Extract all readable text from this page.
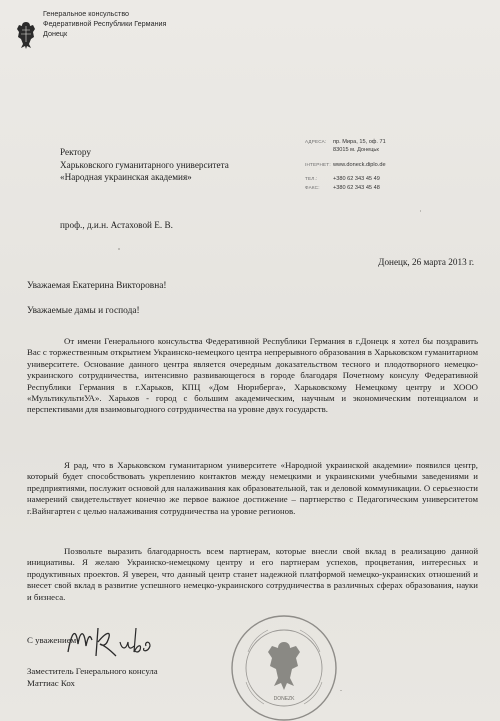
Генеральное консульство
Федеративной Республики Германия
Донецк
АДРЕСА: пр. Мира, 15, оф. 71
83015 м. Донецьк
ІНТЕРНЕТ: www.doneck.diplo.de
ТЕЛ.:	+380 62 343 45 49
ФАКС: +380 62 343 45 48
Ректору
Харьковского гуманитарного университета
«Народная украинская академия»
проф., д.и.н. Астаховой Е. В.
Донецк, 26 марта 2013 г.
Уважаемая Екатерина Викторовна!
Уважаемые дамы и господа!

От имени Генерального консульства Федеративной Республики Германия в г.Донецк я хотел бы поздравить Вас с торжественным открытием Украинско-немецкого центра непрерывного образования в Харьковском гуманитарном университете. Основание данного центра является очередным доказательством тесного и плодотворного немецко-украинского сотрудничества, интенсивно развивающегося в городе благодаря Почетному консулу Федеративной Республики Германия в г.Харьков, КПЦ «Дом Нюрнберга», Харьковскому Немецкому центру и ХООО «МультикультиУА». Харьков - город с большим академическим, научным и экономическим потенциалом и перспективами для взаимовыгодного сотрудничества на уровне двух государств.

Я рад, что в Харьковском гуманитарном университете «Народной украинской академии» появился центр, который будет способствовать укреплению контактов между немецкими и украинскими учебными заведениями и предприятиями, послужит основой для налаживания как образовательной, так и деловой коммуникации. О серьезности намерений свидетельствует конечно же первое важное достижение – партнерство с Педагогическим университетом г.Вайнгартен с целью налаживания сотрудничества на уровне регионов.

Позвольте выразить благодарность всем партнерам, которые внесли свой вклад в реализацию данной инициативы. Я желаю Украинско-немецкому центру и его партнерам успехов, процветания, интересных и продуктивных проектов. Я уверен, что данный центр станет надежной платформой немецко-украинских отношений и внесет свой вклад в развитие успешного немецко-украинского сотрудничества в различных сферах образования, науки и бизнеса.

С уважением
Заместитель Генерального консула
Маттиас Кох
DONEZK
